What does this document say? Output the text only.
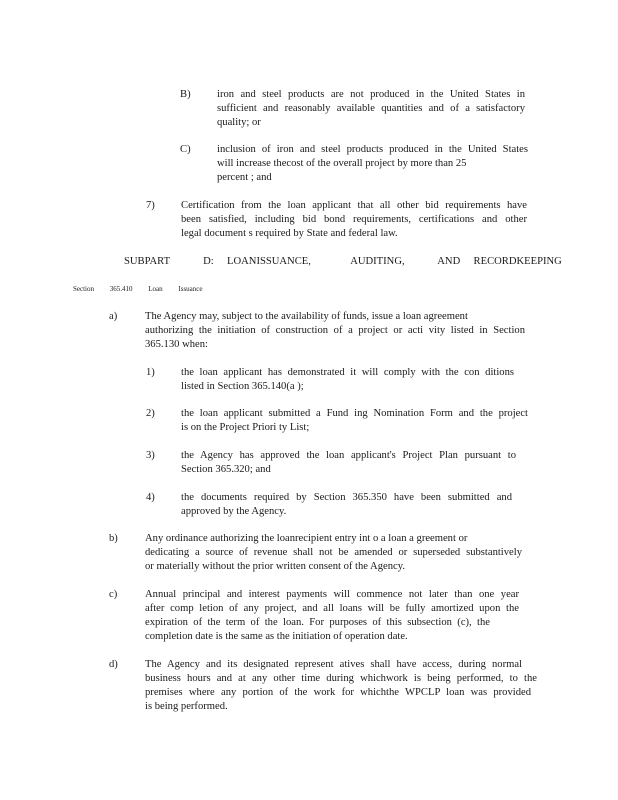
B) iron and steel products are not produced in the United States in
sufficient and reasonably available quantities and of a satisfactory
quality; or
C) inclusion of iron and steel products produced in the United States
will increase thecost of the overall project by more than 25
percent ; and
7) Certification from the loan applicant that all other bid requirements have
been satisfied, including bid bond requirements, certifications and other
legal document s required by State and federal law.
SUBPART     D:  LOANISSUANCE,      AUDITING,     AND  RECORDKEEPING
Section 365.410 Loan Issuance
a)	The Agency may, subject to the availability of funds, issue a loan agreement
authorizing the initiation of construction of a project or acti vity listed in Section
365.130 when:
1) the loan applicant has demonstrated it will comply with the con ditions
listed in Section 365.140(a );
2) the loan applicant submitted a Fund ing Nomination Form and the project
is on the Project Priori ty List;
3) the Agency has approved the loan applicant's Project Plan pursuant to
Section 365.320; and
4) the documents required by Section 365.350 have been submitted and
approved by the Agency.
b)	Any ordinance authorizing the loanrecipient entry int o a loan a greement or
dedicating a source of revenue shall not be amended or superseded substantively
or materially without the prior written consent of the Agency.
c)	Annual principal and interest payments will commence not later than one year
after comp letion of any project, and all loans will be fully amortized upon the
expiration of the term of the loan. For purposes of this subsection (c), the
completion date is the same as the initiation of operation date.
d)	The Agency and its designated represent atives shall have access, during normal
business hours and at any other time during whichwork is being performed, to the
premises where any portion of the work for whichthe WPCLP loan was provided
is being performed.
